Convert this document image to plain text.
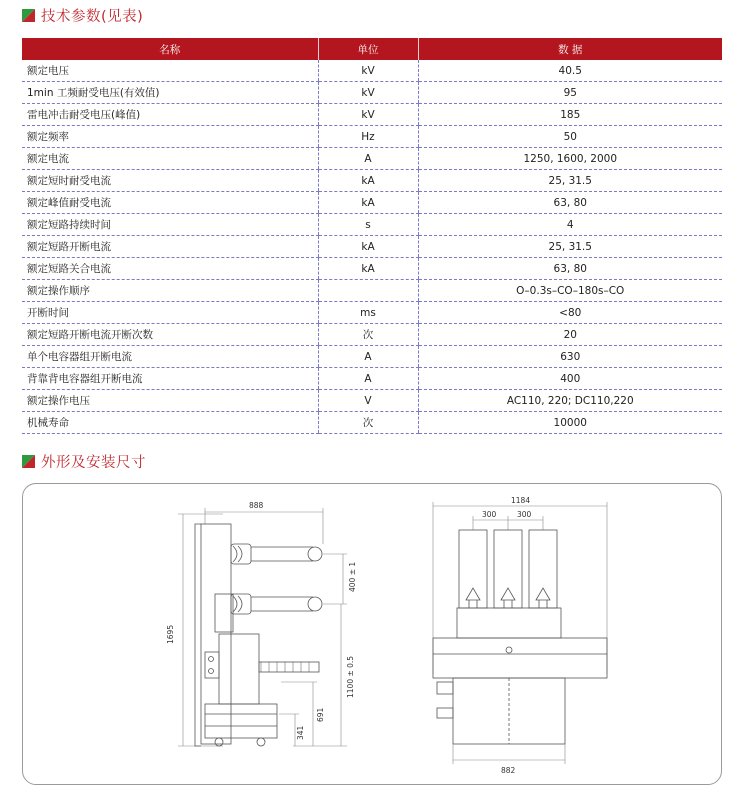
技术参数(见表)
名称	单位	数 据
额定电压	kV	40.5
1min 工频耐受电压(有效值)	kV	95
雷电冲击耐受电压(峰值)	kV	185
额定频率	Hz	50
额定电流	A	1250, 1600, 2000
额定短时耐受电流	kA	25, 31.5
额定峰值耐受电流	kA	63, 80
额定短路持续时间	s	4
额定短路开断电流	kA	25, 31.5
额定短路关合电流	kA	63, 80
额定操作顺序		O–0.3s–CO–180s–CO
开断时间	ms	<80
额定短路开断电流开断次数	次	20
单个电容器组开断电流	A	630
背靠背电容器组开断电流	A	400
额定操作电压	V	AC110, 220; DC110,220
机械寿命	次	10000
外形及安装尺寸
888
1695
400 ± 1
1100 ± 0.5
691
341
1184
300	300
882
